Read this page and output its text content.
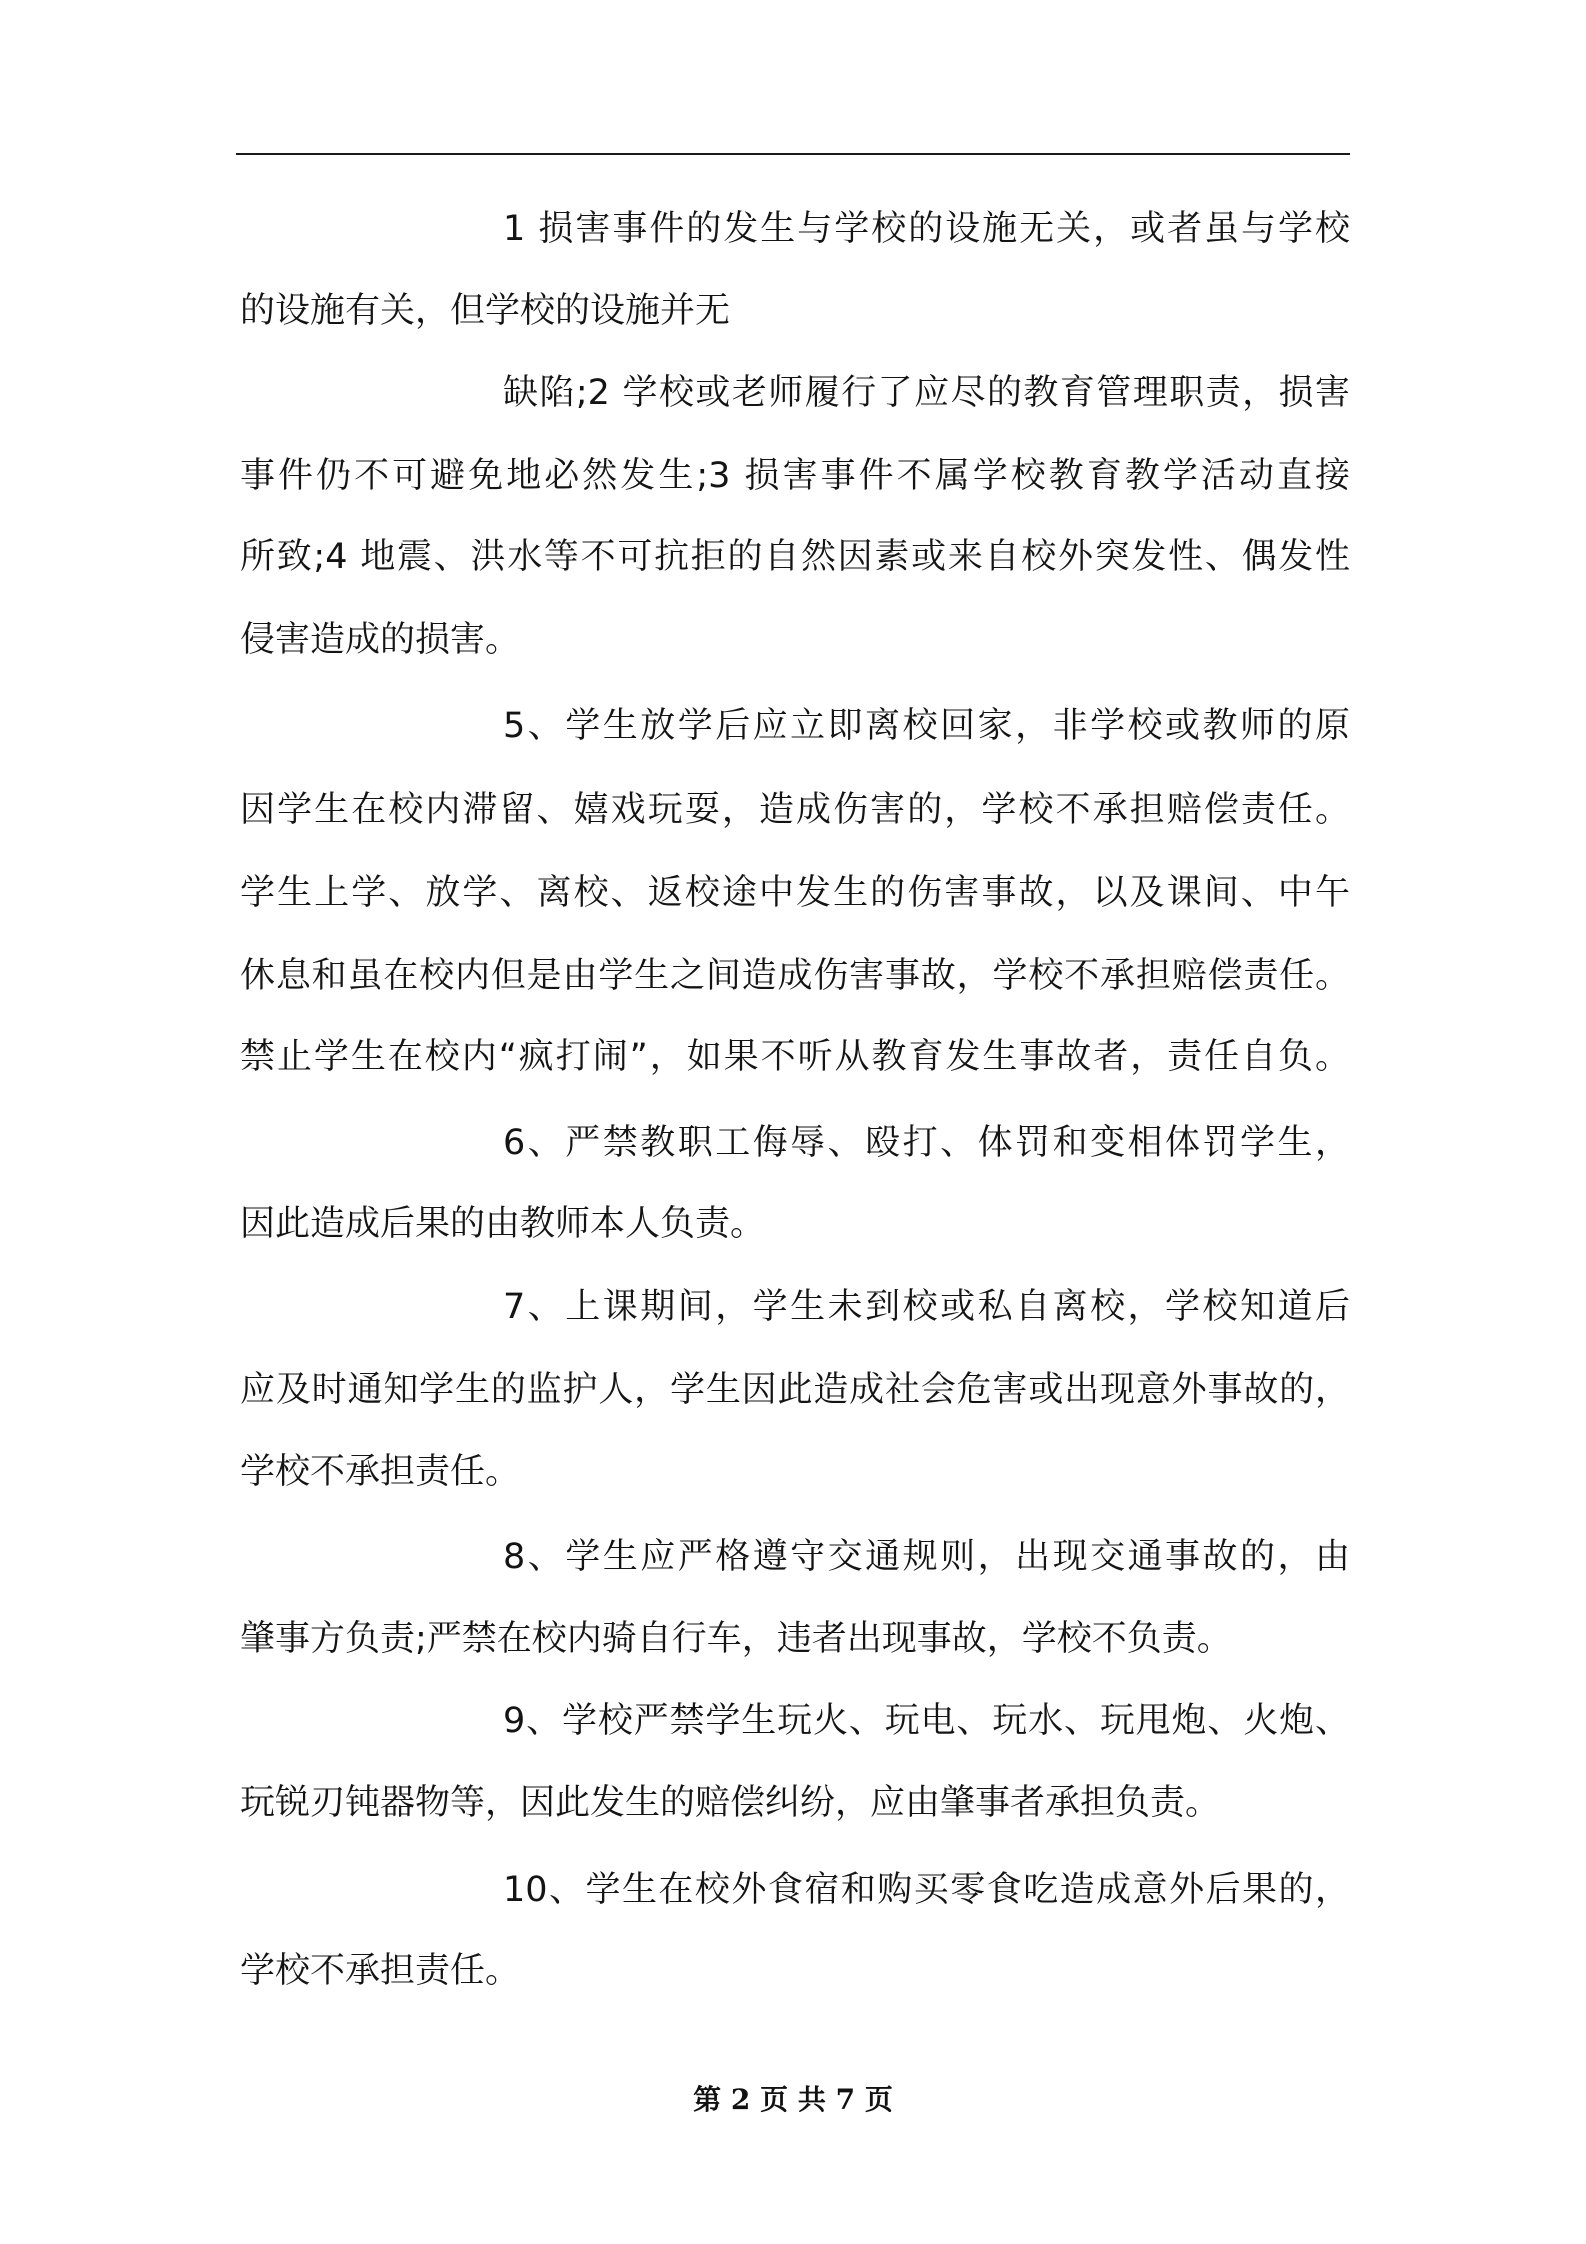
1 损害事件的发生与学校的设施无关，或者虽与学校
的设施有关，但学校的设施并无
缺陷;2 学校或老师履行了应尽的教育管理职责，损害
事件仍不可避免地必然发生;3 损害事件不属学校教育教学活动直接
所致;4 地震、洪水等不可抗拒的自然因素或来自校外突发性、偶发性
侵害造成的损害。
5、学生放学后应立即离校回家，非学校或教师的原
因学生在校内滞留、嬉戏玩耍，造成伤害的，学校不承担赔偿责任。
学生上学、放学、离校、返校途中发生的伤害事故，以及课间、中午
休息和虽在校内但是由学生之间造成伤害事故，学校不承担赔偿责任。
禁止学生在校内“疯打闹”，如果不听从教育发生事故者，责任自负。
6、严禁教职工侮辱、殴打、体罚和变相体罚学生，
因此造成后果的由教师本人负责。
7、上课期间，学生未到校或私自离校，学校知道后
应及时通知学生的监护人，学生因此造成社会危害或出现意外事故的，
学校不承担责任。
8、学生应严格遵守交通规则，出现交通事故的，由
肇事方负责;严禁在校内骑自行车，违者出现事故，学校不负责。
9、学校严禁学生玩火、玩电、玩水、玩甩炮、火炮、
玩锐刃钝器物等，因此发生的赔偿纠纷，应由肇事者承担负责。
10、学生在校外食宿和购买零食吃造成意外后果的，
学校不承担责任。
第 2 页 共 7 页
